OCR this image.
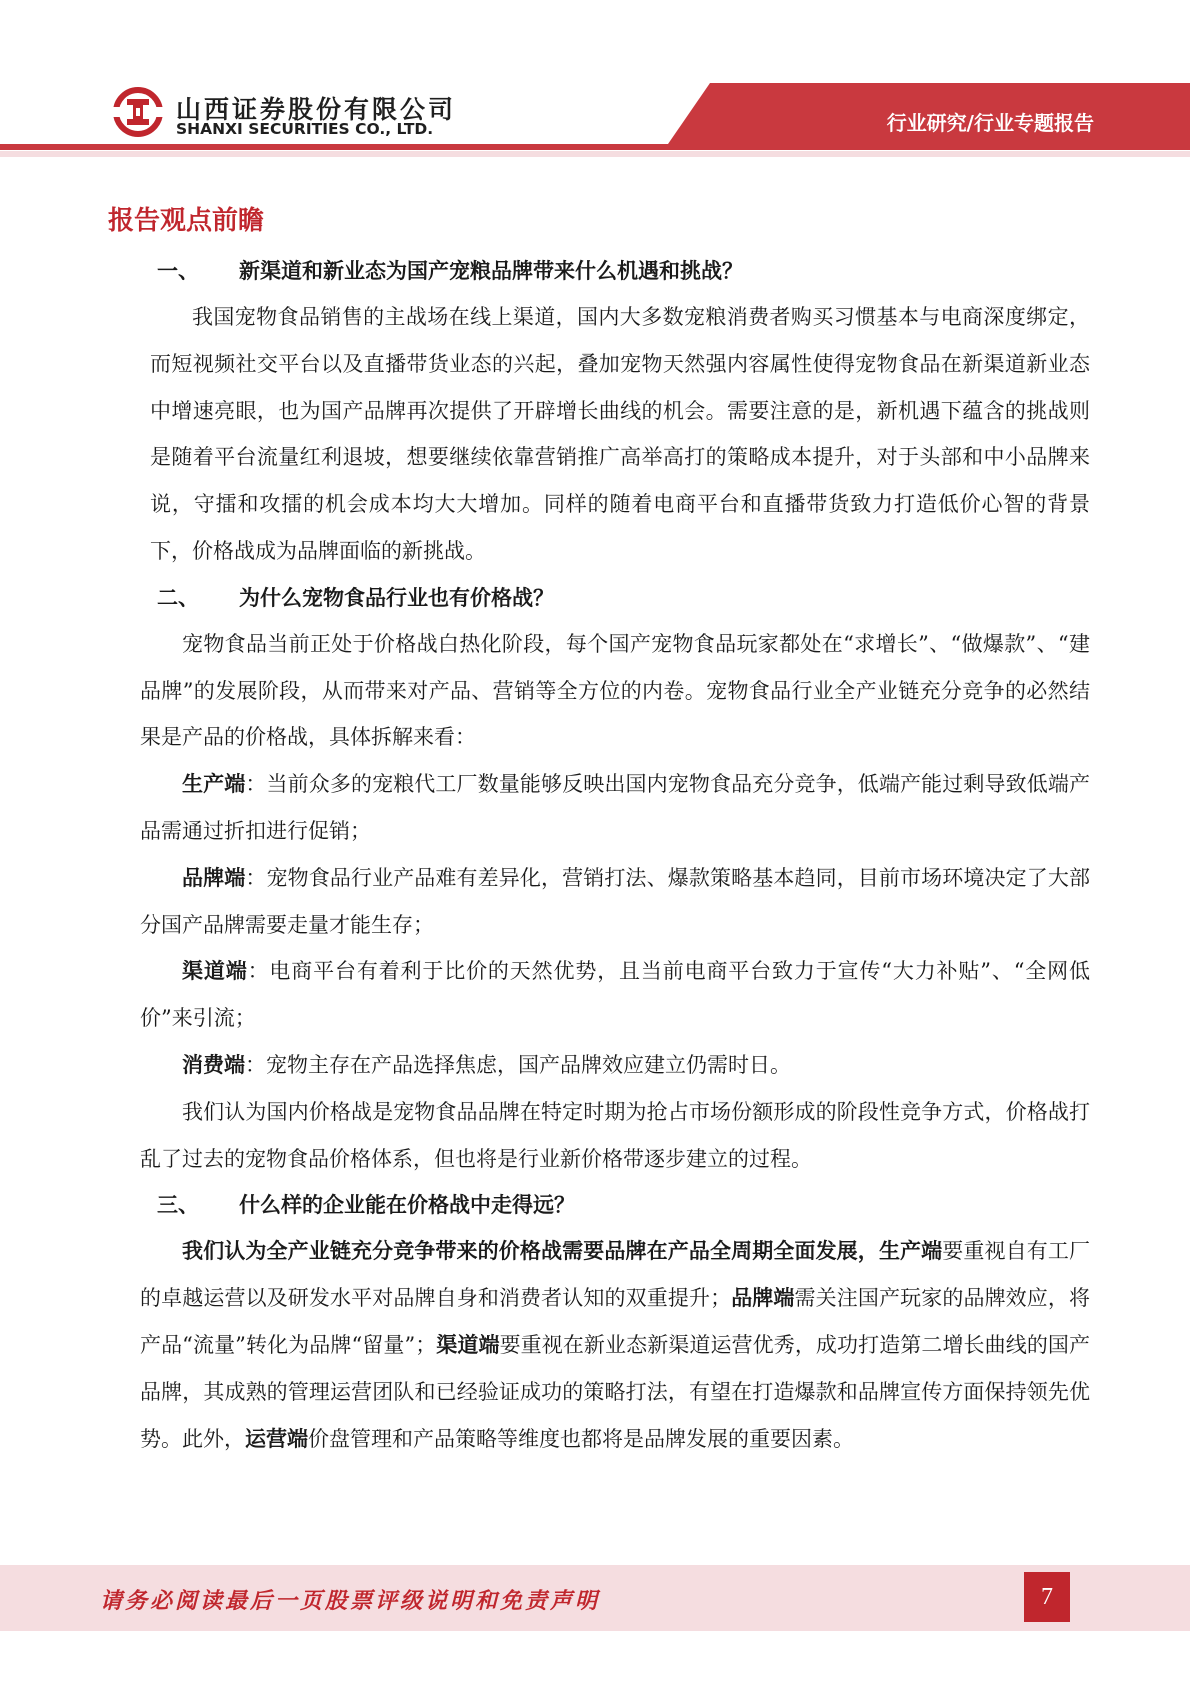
山西证券股份有限公司
SHANXI SECURITIES CO., LTD.	行业研究/行业专题报告
报告观点前瞻
一、 新渠道和新业态为国产宠粮品牌带来什么机遇和挑战？

我国宠物食品销售的主战场在线上渠道，国内大多数宠粮消费者购买习惯基本与电商深度绑定，而短视频社交平台以及直播带货业态的兴起，叠加宠物天然强内容属性使得宠物食品在新渠道新业态中增速亮眼，也为国产品牌再次提供了开辟增长曲线的机会。需要注意的是，新机遇下蕴含的挑战则是随着平台流量红利退坡，想要继续依靠营销推广高举高打的策略成本提升，对于头部和中小品牌来说，守擂和攻擂的机会成本均大大增加。同样的随着电商平台和直播带货致力打造低价心智的背景下，价格战成为品牌面临的新挑战。

二、 为什么宠物食品行业也有价格战？

宠物食品当前正处于价格战白热化阶段，每个国产宠物食品玩家都处在“求增长”、“做爆款”、“建品牌”的发展阶段，从而带来对产品、营销等全方位的内卷。宠物食品行业全产业链充分竞争的必然结果是产品的价格战，具体拆解来看：

生产端：当前众多的宠粮代工厂数量能够反映出国内宠物食品充分竞争，低端产能过剩导致低端产品需通过折扣进行促销；

品牌端：宠物食品行业产品难有差异化，营销打法、爆款策略基本趋同，目前市场环境决定了大部分国产品牌需要走量才能生存；

渠道端：电商平台有着利于比价的天然优势，且当前电商平台致力于宣传“大力补贴”、“全网低价”来引流；

消费端：宠物主存在产品选择焦虑，国产品牌效应建立仍需时日。

我们认为国内价格战是宠物食品品牌在特定时期为抢占市场份额形成的阶段性竞争方式，价格战打乱了过去的宠物食品价格体系，但也将是行业新价格带逐步建立的过程。

三、 什么样的企业能在价格战中走得远？

我们认为全产业链充分竞争带来的价格战需要品牌在产品全周期全面发展，生产端要重视自有工厂的卓越运营以及研发水平对品牌自身和消费者认知的双重提升；品牌端需关注国产玩家的品牌效应，将产品“流量”转化为品牌“留量”；渠道端要重视在新业态新渠道运营优秀，成功打造第二增长曲线的国产品牌，其成熟的管理运营团队和已经验证成功的策略打法，有望在打造爆款和品牌宣传方面保持领先优势。此外，运营端价盘管理和产品策略等维度也都将是品牌发展的重要因素。

请务必阅读最后一页股票评级说明和免责声明	7
